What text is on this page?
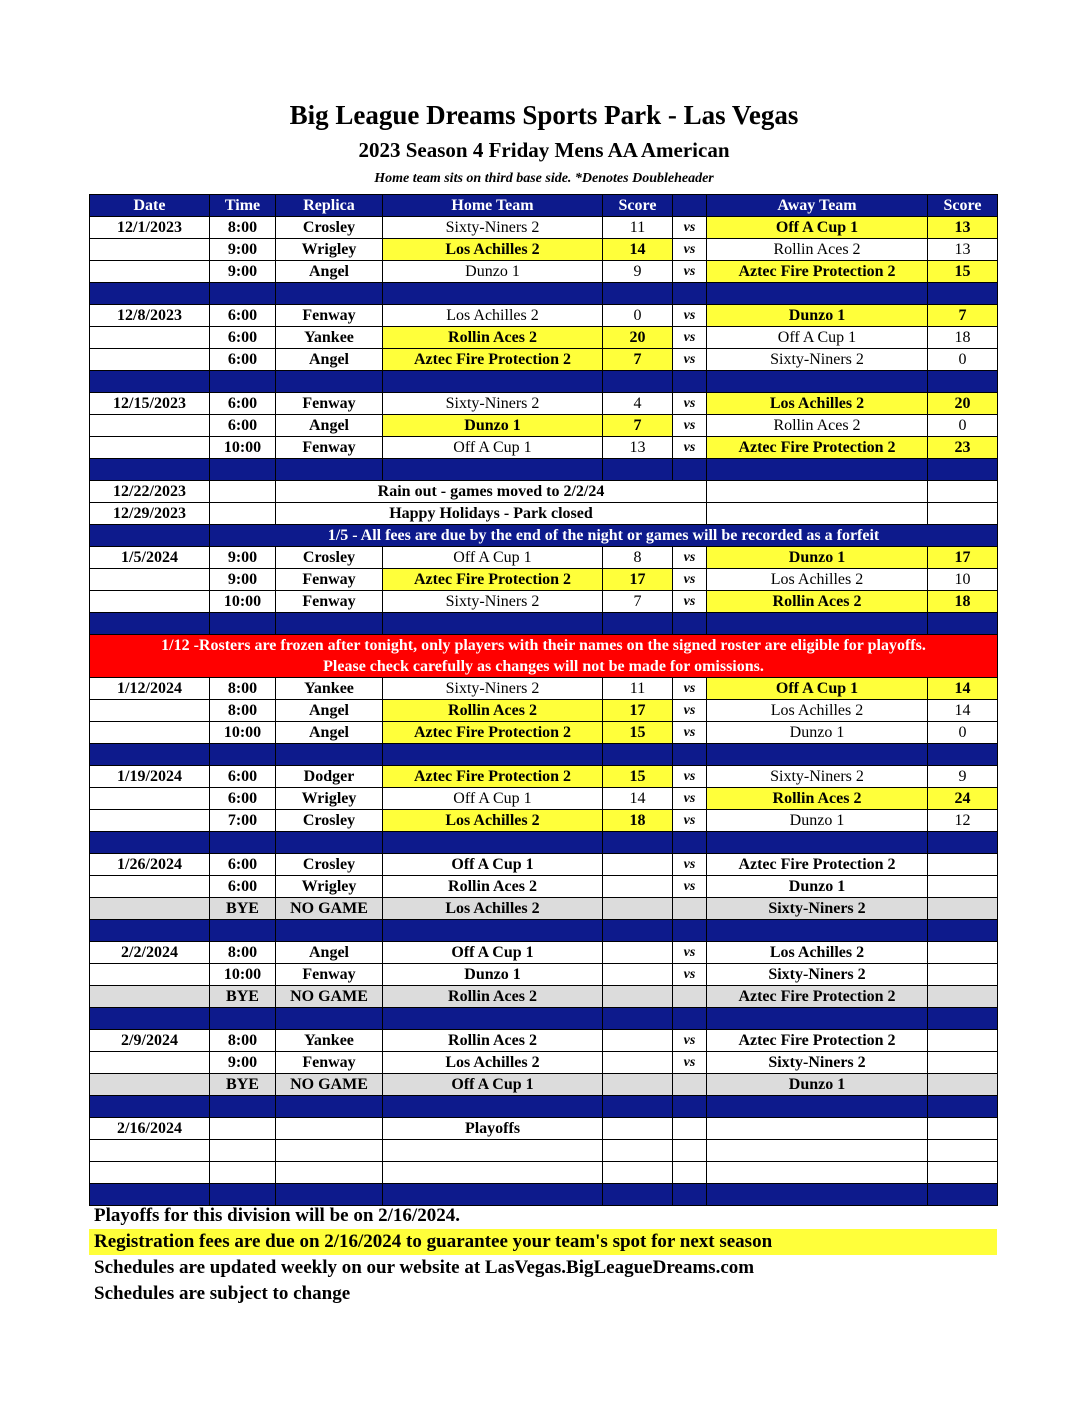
Big League Dreams Sports Park - Las Vegas
2023 Season 4 Friday Mens AA American
Home team sits on third base side. *Denotes Doubleheader
Date	Time	Replica	Home Team	Score		Away Team	Score
12/1/2023	8:00	Crosley	Sixty-Niners 2	11	vs	Off A Cup 1	13
	9:00	Wrigley	Los Achilles 2	14	vs	Rollin Aces 2	13
	9:00	Angel	Dunzo 1	9	vs	Aztec Fire Protection 2	15

12/8/2023	6:00	Fenway	Los Achilles 2	0	vs	Dunzo 1	7
	6:00	Yankee	Rollin Aces 2	20	vs	Off A Cup 1	18
	6:00	Angel	Aztec Fire Protection 2	7	vs	Sixty-Niners 2	0

12/15/2023	6:00	Fenway	Sixty-Niners 2	4	vs	Los Achilles 2	20
	6:00	Angel	Dunzo 1	7	vs	Rollin Aces 2	0
	10:00	Fenway	Off A Cup 1	13	vs	Aztec Fire Protection 2	23

12/22/2023		Rain out - games moved to 2/2/24					
12/29/2023		Happy Holidays - Park closed					
	1/5 - All fees are due by the end of the night or games will be recorded as a forfeit						
1/5/2024	9:00	Crosley	Off A Cup 1	8	vs	Dunzo 1	17
	9:00	Fenway	Aztec Fire Protection 2	17	vs	Los Achilles 2	10
	10:00	Fenway	Sixty-Niners 2	7	vs	Rollin Aces 2	18

1/12 -Rosters are frozen after tonight, only players with their names on the signed roster are eligible for playoffs.
Please check carefully as changes will not be made for omissions.							

1/12/2024	8:00	Yankee	Sixty-Niners 2	11	vs	Off A Cup 1	14
	8:00	Angel	Rollin Aces 2	17	vs	Los Achilles 2	14
	10:00	Angel	Aztec Fire Protection 2	15	vs	Dunzo 1	0

1/19/2024	6:00	Dodger	Aztec Fire Protection 2	15	vs	Sixty-Niners 2	9
	6:00	Wrigley	Off A Cup 1	14	vs	Rollin Aces 2	24
	7:00	Crosley	Los Achilles 2	18	vs	Dunzo 1	12

1/26/2024	6:00	Crosley	Off A Cup 1		vs	Aztec Fire Protection 2	
	6:00	Wrigley	Rollin Aces 2		vs	Dunzo 1	
	BYE	NO GAME	Los Achilles 2			Sixty-Niners 2	

2/2/2024	8:00	Angel	Off A Cup 1		vs	Los Achilles 2	
	10:00	Fenway	Dunzo 1		vs	Sixty-Niners 2	
	BYE	NO GAME	Rollin Aces 2			Aztec Fire Protection 2	

2/9/2024	8:00	Yankee	Rollin Aces 2		vs	Aztec Fire Protection 2	
	9:00	Fenway	Los Achilles 2		vs	Sixty-Niners 2	
	BYE	NO GAME	Off A Cup 1			Dunzo 1	

2/16/2024			Playoffs				

Playoffs for this division will be on 2/16/2024.
Registration fees are due on 2/16/2024 to guarantee your team's spot for next season
Schedules are updated weekly on our website at LasVegas.BigLeagueDreams.com
Schedules are subject to change
